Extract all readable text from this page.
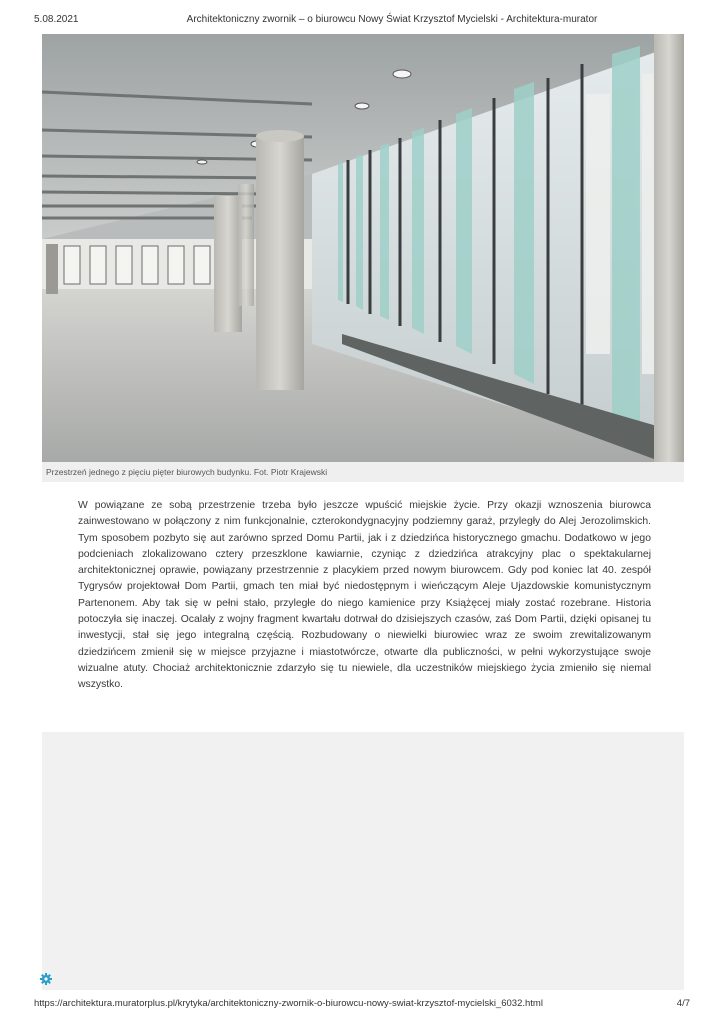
5.08.2021	Architektoniczny zwornik – o biurowcu Nowy Świat Krzysztof Mycielski - Architektura-murator
Przestrzeń jednego z pięciu pięter biurowych budynku. Fot. Piotr Krajewski

W powiązane ze sobą przestrzenie trzeba było jeszcze wpuścić miejskie życie. Przy okazji wznoszenia biurowca zainwestowano w połączony z nim funkcjonalnie, czterokondygnacyjny podziemny garaż, przyległy do Alej Jerozolimskich. Tym sposobem pozbyto się aut zarówno sprzed Domu Partii, jak i z dziedzińca historycznego gmachu. Dodatkowo w jego podcieniach zlokalizowano cztery przeszklone kawiarnie, czyniąc z dziedzińca atrakcyjny plac o spektakularnej architektonicznej oprawie, powiązany przestrzennie z placykiem przed nowym biurowcem. Gdy pod koniec lat 40. zespół Tygrysów projektował Dom Partii, gmach ten miał być niedostępnym i wieńczącym Aleje Ujazdowskie komunistycznym Partenonem. Aby tak się w pełni stało, przyległe do niego kamienice przy Książęcej miały zostać rozebrane. Historia potoczyła się inaczej. Ocalały z wojny fragment kwartału dotrwał do dzisiejszych czasów, zaś Dom Partii, dzięki opisanej tu inwestycji, stał się jego integralną częścią. Rozbudowany o niewielki biurowiec wraz ze swoim zrewitalizowanym dziedzińcem zmienił się w miejsce przyjazne i miastotwórcze, otwarte dla publiczności, w pełni wykorzystujące swoje wizualne atuty. Chociaż architektonicznie zdarzyło się tu niewiele, dla uczestników miejskiego życia zmieniło się niemal wszystko.

https://architektura.muratorplus.pl/krytyka/architektoniczny-zwornik-o-biurowcu-nowy-swiat-krzysztof-mycielski_6032.html	4/7
